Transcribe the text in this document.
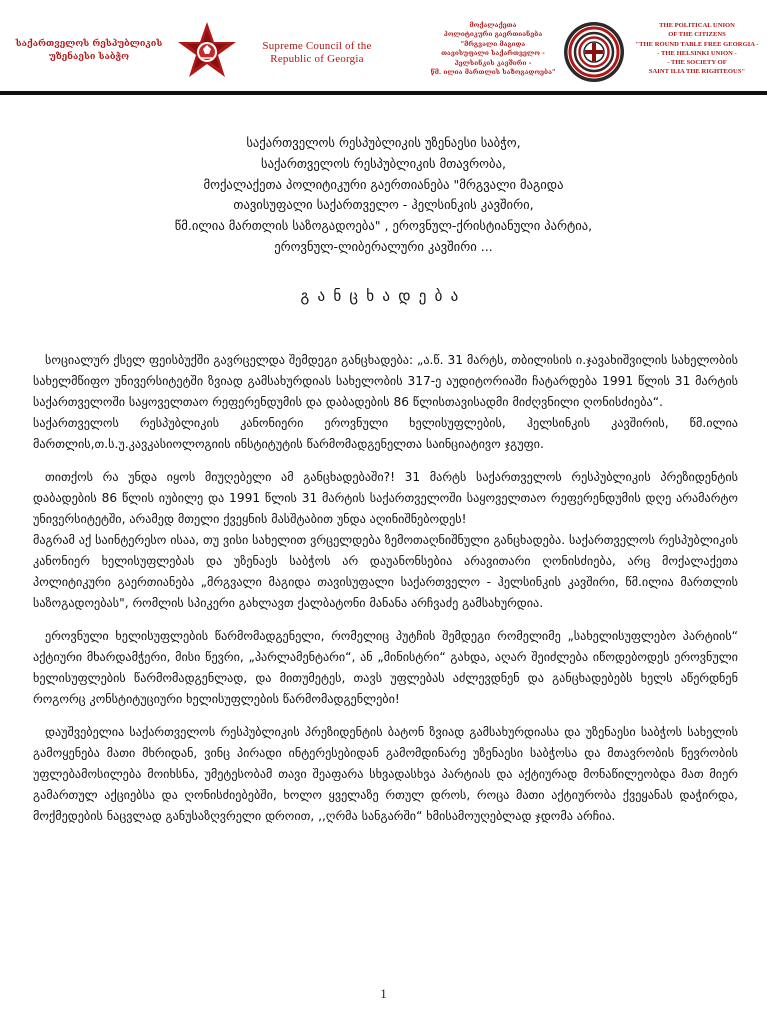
საქართველოს რესპუბლიკის
უზენაესი საბჭო
Supreme Council of the
Republic of Georgia
მოქალაქეთა
პოლიტიკური გაერთიანება
"მრგვალი მაგიდა
თავისუფალი საქართველო -
ჰელსინკის კავშირი -
წმ. ილია მართლის საზოგადოება"
THE POLITICAL UNION
OF THE CITIZENS
"THE ROUND TABLE FREE GEORGIA -
- THE HELSINKI UNION -
- THE SOCIETY OF
SAINT ILIA THE RIGHTEOUS"
საქართველოს რესპუბლიკის უზენაესი საბჭო,
საქართველოს რესპუბლიკის მთავრობა,
მოქალაქეთა პოლიტიკური გაერთიანება "მრგვალი მაგიდა
თავისუფალი საქართველო - ჰელსინკის კავშირი,
წმ.ილია მართლის საზოგადოება" , ეროვნულ-ქრისტიანული პარტია,
ეროვნულ-ლიბერალური კავშირი ...
განცხადება

სოციალურ ქსელ ფეისბუქში გავრცელდა შემდეგი განცხადება: „ა.წ. 31 მარტს, თბილისის ი.ჯავახიშვილის სახელობის სახელმწიფო უნივერსიტეტში ზვიად გამსახურდიას სახელობის 317-ე აუდიტორიაში ჩატარდება 1991 წლის 31 მარტის საქართველოში საყოველთაო რეფერენდუმის და დაბადების 86 წლისთავისადმი მიძღვნილი ღონისძიება“.

საქართველოს რესპუბლიკის კანონიერი ეროვნული ხელისუფლების, ჰელსინკის კავშირის, წმ.ილია მართლის,თ.ს.უ.კავკასიოლოგიის ინსტიტუტის წარმომადგენელთა საინციატივო ჯგუფი.

თითქოს რა უნდა იყოს მიუღებელი ამ განცხადებაში?! 31 მარტს საქართველოს რესპუბლიკის პრეზიდენტის დაბადების 86 წლის იუბილე და 1991 წლის 31 მარტის საქართველოში საყოველთაო რეფერენდუმის დღე არამარტო უნივერსიტეტში, არამედ მთელი ქვეყნის მასშტაბით უნდა აღინიშნებოდეს!

მაგრამ აქ საინტერესო ისაა, თუ ვისი სახელით ვრცელდება ზემოთაღნიშნული განცხადება. საქართველოს რესპუბლიკის კანონიერ ხელისუფლებას და უზენაეს საბჭოს არ დაუანონსებია არავითარი ღონისძიება, არც მოქალაქეთა პოლიტიკური გაერთიანება „მრგვალი მაგიდა თავისუფალი საქართველო - ჰელსინკის კავშირი, წმ.ილია მართლის საზოგადოებას", რომლის სპიკერი გახლავთ ქალბატონი მანანა არჩვაძე გამსახურდია.

ეროვნული ხელისუფლების წარმომადგენელი, რომელიც პუტჩის შემდეგი რომელიმე „სახელისუფლებო პარტიის“ აქტიური მხარდამჭერი, მისი წევრი, „პარლამენტარი“, ან „მინისტრი“ გახდა, აღარ შეიძლება იწოდებოდეს ეროვნული ხელისუფლების წარმომადგენლად, და მითუმეტეს, თავს უფლებას აძლევდნენ და განცხადებებს ხელს აწერდნენ როგორც კონსტიტუციური ხელისუფლების წარმომადგენლები!

დაუშვებელია საქართველოს რესპუბლიკის პრეზიდენტის ბატონ ზვიად გამსახურდიასა და უზენაესი საბჭოს სახელის გამოყენება მათი მხრიდან, ვინც პირადი ინტერესებიდან გამომდინარე უზენაესი საბჭოსა და მთავრობის წევრობის უფლებამოსილება მოიხსნა, უმეტესობამ თავი შეაფარა სხვადასხვა პარტიას და აქტიურად მონაწილეობდა მათ მიერ გამართულ აქციებსა და ღონისძიებებში, ხოლო ყველაზე რთულ დროს, როცა მათი აქტიურობა ქვეყანას დაჭირდა, მოქმედების ნაცვლად განუსაზღვრელი დროით, ,,ღრმა სანგარში“ ხმისამოუღებლად ჯდომა არჩია.

1
